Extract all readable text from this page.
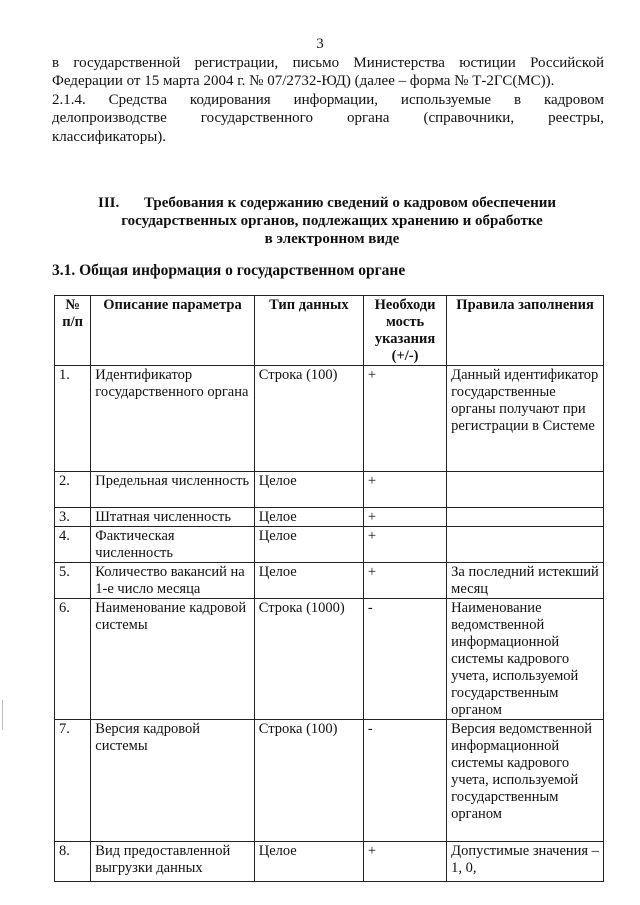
3

в государственной регистрации, письмо Министерства юстиции Российской

Федерации от 15 марта 2004 г. № 07/2732-ЮД) (далее – форма № Т-2ГС(МС)).

2.1.4. Средства кодирования информации, используемые в кадровом

делопроизводстве государственного органа (справочники, реестры,

классификаторы).

III.	Требования к содержанию сведений о кадровом обеспечении
государственных органов, подлежащих хранению и обработке
в электронном виде
3.1. Общая информация о государственном органе
№ п/п	Описание параметра	Тип данных	Необходи мость указания (+/-)	Правила заполнения
1.	Идентификатор государственного органа	Строка (100)	+	Данный идентификатор государственные органы получают при регистрации в Системе
2.	Предельная численность	Целое	+	
3.	Штатная численность	Целое	+	
4.	Фактическая численность	Целое	+	
5.	Количество вакансий на 1-е число месяца	Целое	+	За последний истекший месяц
6.	Наименование кадровой системы	Строка (1000)	-	Наименование ведомственной информационной системы кадрового учета, используемой государственным органом
7.	Версия кадровой системы	Строка (100)	-	Версия ведомственной информационной системы кадрового учета, используемой государственным органом
8.	Вид предоставленной выгрузки данных	Целое	+	Допустимые значения – 1, 0,
